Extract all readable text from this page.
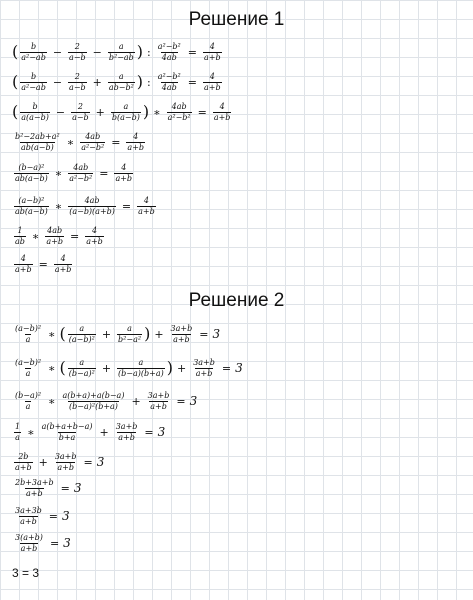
Решение 1
( $\frac{b}{\text{a²−ab}} - \frac{2}{a-b} - \frac{a}{\text{b²−ab}}$ ) : $\frac{\text{a²−b²}}{4ab} = \frac{4}{a+b}$
( $\frac{b}{\text{a²−ab}} - \frac{2}{a-b} + \frac{a}{\text{ab−b²}}$ ) : $\frac{\text{a²−b²}}{4ab} = \frac{4}{a+b}$
( $\frac{b}{a(a-b)} - \frac{2}{a-b} + \frac{a}{b(a-b)}$ ) ∗ $\frac{4ab}{\text{a²−b²}} = \frac{4}{a+b}$
$\frac{\text{b²−2ab+a²}}{ab(a-b)}$ ∗ $\frac{4ab}{\text{a²−b²}} = \frac{4}{a+b}$
$\frac{\text{(b−a)²}}{ab(a-b)}$ ∗ $\frac{4ab}{\text{a²−b²}} = \frac{4}{a+b}$
$\frac{\text{(a−b)²}}{ab(a-b)}$ ∗ $\frac{4ab}{(a-b)(a+b)} = \frac{4}{a+b}$
$\frac{1}{ab}$ ∗ $\frac{4ab}{a+b} = \frac{4}{a+b}$
$\frac{4}{a+b} = \frac{4}{a+b}$
Решение 2
$\frac{\text{(a−b)²}}{a}$ ∗ ( $\frac{a}{\text{(a−b)²}} + \frac{a}{\text{b²−a²}}$ ) + $\frac{3a+b}{a+b} = 3$
$\frac{\text{(a−b)²}}{a}$ ∗ ( $\frac{a}{\text{(b−a)²}} + \frac{a}{(b-a)(b+a)}$ ) + $\frac{3a+b}{a+b} = 3$
$\frac{\text{(b−a)²}}{a}$ ∗ $\frac{a(b+a)+a(b-a)}{\text{(b−a)²(b+a)}} + \frac{3a+b}{a+b} = 3$
$\frac{1}{a}$ ∗ $\frac{a(b+a+b-a)}{b+a} + \frac{3a+b}{a+b} = 3$
$\frac{2b}{a+b} + \frac{3a+b}{a+b} = 3$
$\frac{2b+3a+b}{a+b} = 3$
$\frac{3a+3b}{a+b} = 3$
$\frac{3(a+b)}{a+b} = 3$
3 = 3
